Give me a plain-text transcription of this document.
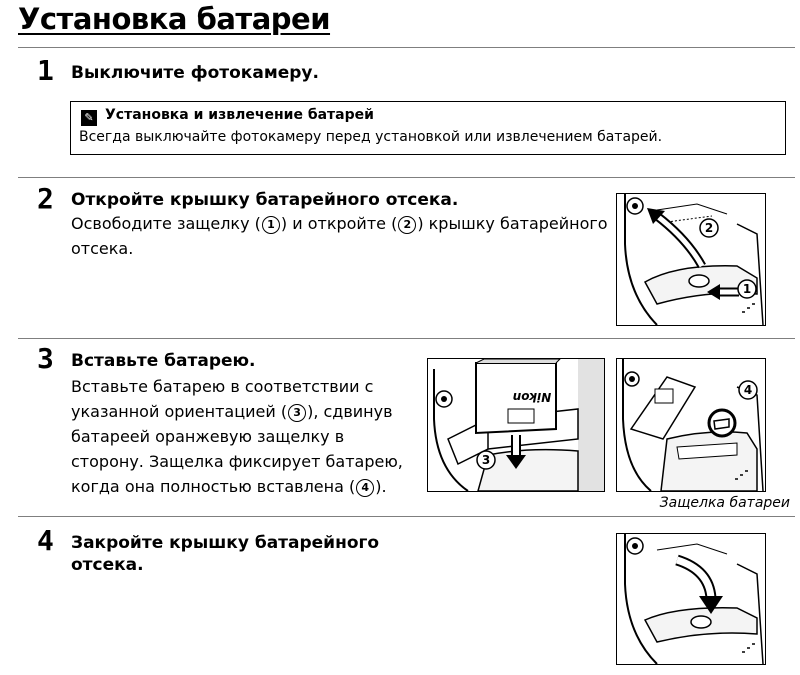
Установка батареи
1 Выключите фотокамеру.
✎ Установка и извлечение батарей
Всегда выключайте фотокамеру перед установкой или извлечением батарей.
2 Откройте крышку батарейного отсека.
Освободите защелку ( 1 ) и откройте ( 2 ) крышку батарейного
отсека.
2
1
3 Вставьте батарею.
Вставьте батарею в соответствии с
указанной ориентацией ( 3 ), сдвинув
батареей оранжевую защелку в
сторону. Защелка фиксирует батарею,
когда она полностью вставлена ( 4 ).
Nikon
3
4
Защелка батареи
4 Закройте крышку батарейного
отсека.
